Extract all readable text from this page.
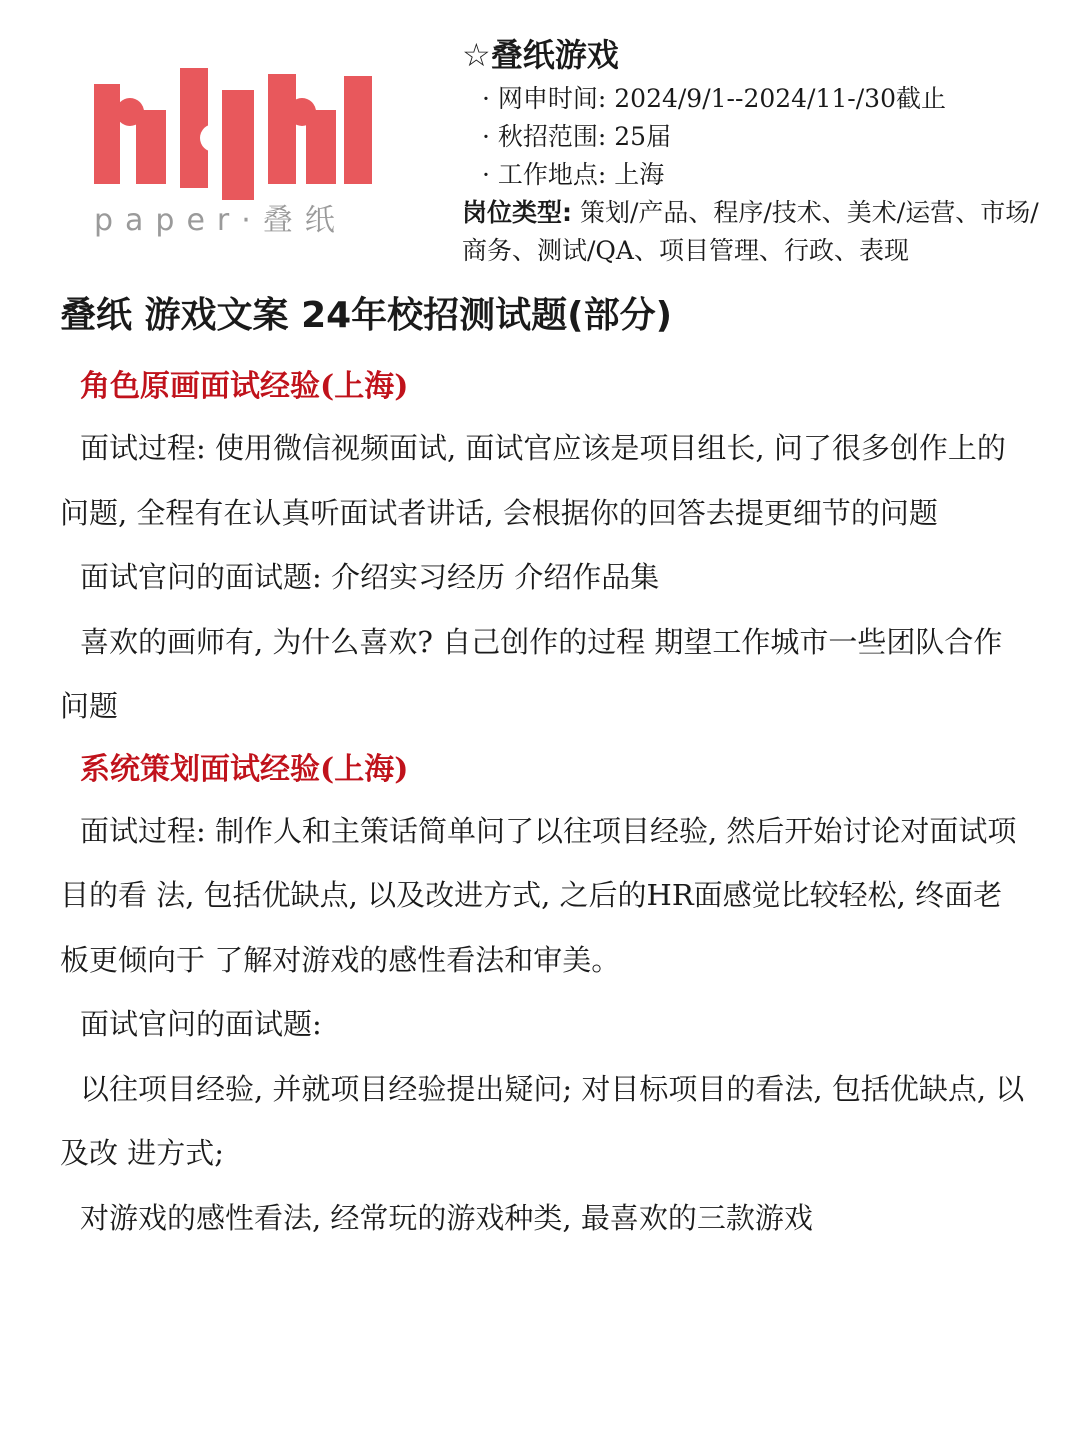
paper·叠纸

☆叠纸游戏

· 网申时间: 2024/9/1--2024/11-/30截止

· 秋招范围: 25届

· 工作地点: 上海

岗位类型: 策划/产品、程序/技术、美术/运营、市场/商务、测试/QA、项目管理、行政、表现

叠纸 游戏文案 24年校招测试题(部分)
角色原画面试经验(上海)

面试过程: 使用微信视频面试, 面试官应该是项目组长, 问了很多创作上的问题, 全程有在认真听面试者讲话, 会根据你的回答去提更细节的问题

面试官问的面试题: 介绍实习经历 介绍作品集

喜欢的画师有, 为什么喜欢? 自己创作的过程 期望工作城市一些团队合作问题

系统策划面试经验(上海)

面试过程: 制作人和主策话简单问了以往项目经验, 然后开始讨论对面试项目的看 法, 包括优缺点, 以及改进方式, 之后的HR面感觉比较轻松, 终面老板更倾向于 了解对游戏的感性看法和审美。

面试官问的面试题:

以往项目经验, 并就项目经验提出疑问; 对目标项目的看法, 包括优缺点, 以及改 进方式;

对游戏的感性看法, 经常玩的游戏种类, 最喜欢的三款游戏
